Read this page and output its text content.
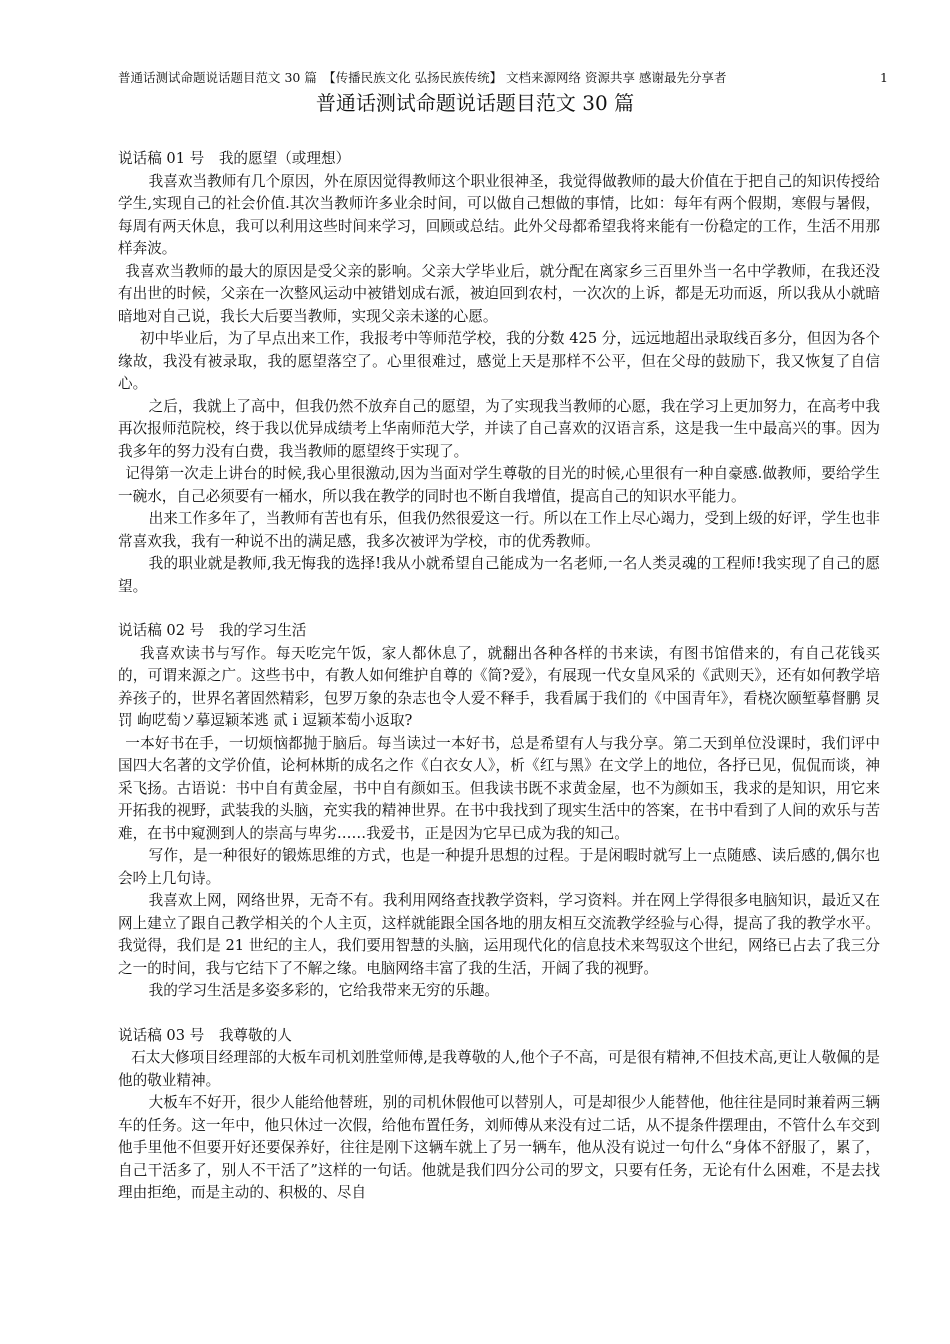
普通话测试命题说话题目范文 30 篇　【传播民族文化 弘扬民族传统】 文档来源网络 资源共享 感谢最先分享者	1
普通话测试命题说话题目范文 30 篇

说话稿 01 号　我的愿望（或理想）

我喜欢当教师有几个原因，外在原因觉得教师这个职业很神圣，我觉得做教师的最大价值在于把自己的知识传授给学生,实现自己的社会价值.其次当教师许多业余时间，可以做自己想做的事情，比如：每年有两个假期，寒假与暑假，每周有两天休息，我可以利用这些时间来学习，回顾或总结。此外父母都希望我将来能有一份稳定的工作，生活不用那样奔波。

我喜欢当教师的最大的原因是受父亲的影响。父亲大学毕业后，就分配在离家乡三百里外当一名中学教师，在我还没有出世的时候，父亲在一次整风运动中被错划成右派，被迫回到农村，一次次的上诉，都是无功而返，所以我从小就暗暗地对自己说，我长大后要当教师，实现父亲未遂的心愿。

初中毕业后，为了早点出来工作，我报考中等师范学校，我的分数 425 分，远远地超出录取线百多分，但因为各个缘故，我没有被录取，我的愿望落空了。心里很难过，感觉上天是那样不公平，但在父母的鼓励下，我又恢复了自信心。

之后，我就上了高中，但我仍然不放弃自己的愿望，为了实现我当教师的心愿，我在学习上更加努力，在高考中我再次报师范院校，终于我以优异成绩考上华南师范大学，并读了自己喜欢的汉语言系，这是我一生中最高兴的事。因为我多年的努力没有白费，我当教师的愿望终于实现了。

记得第一次走上讲台的时候,我心里很激动,因为当面对学生尊敬的目光的时候,心里很有一种自豪感.做教师，要给学生一碗水，自己必须要有一桶水，所以我在教学的同时也不断自我增值，提高自己的知识水平能力。

出来工作多年了，当教师有苦也有乐，但我仍然很爱这一行。所以在工作上尽心竭力，受到上级的好评，学生也非常喜欢我，我有一种说不出的满足感，我多次被评为学校，市的优秀教师。

我的职业就是教师,我无悔我的选择!我从小就希望自己能成为一名老师,一名人类灵魂的工程师!我实现了自己的愿望。

说话稿 02 号　我的学习生活

我喜欢读书与写作。每天吃完午饭，家人都休息了，就翻出各种各样的书来读，有图书馆借来的，有自己花钱买的，可谓来源之广。这些书中，有教人如何维护自尊的《简?爱》，有展现一代女皇风采的《武则天》，还有如何教学培养孩子的，世界名著固然精彩，包罗万象的杂志也令人爱不释手，我看属于我们的《中国青年》，看桡次颐堑摹督鹏 炅 罚 岣呓萄ソ摹逗颖苯逃 贰ｉ逗颖苯萄小返取?

一本好书在手，一切烦恼都抛于脑后。每当读过一本好书，总是希望有人与我分享。第二天到单位没课时，我们评中国四大名著的文学价值，论柯林斯的成名之作《白衣女人》，析《红与黑》在文学上的地位，各抒已见，侃侃而谈，神采飞扬。古语说：书中自有黄金屋，书中自有颜如玉。但我读书既不求黄金屋，也不为颜如玉，我求的是知识，用它来开拓我的视野，武装我的头脑，充实我的精神世界。在书中我找到了现实生活中的答案，在书中看到了人间的欢乐与苦难，在书中窥测到人的崇高与卑劣……我爱书，正是因为它早已成为我的知己。

写作，是一种很好的锻炼思维的方式，也是一种提升思想的过程。于是闲暇时就写上一点随感、读后感的,偶尔也会吟上几句诗。

我喜欢上网，网络世界，无奇不有。我利用网络查找教学资料，学习资料。并在网上学得很多电脑知识，最近又在网上建立了跟自己教学相关的个人主页，这样就能跟全国各地的朋友相互交流教学经验与心得，提高了我的教学水平。我觉得，我们是 21 世纪的主人，我们要用智慧的头脑，运用现代化的信息技术来驾驭这个世纪，网络已占去了我三分之一的时间，我与它结下了不解之缘。电脑网络丰富了我的生活，开阔了我的视野。

我的学习生活是多姿多彩的，它给我带来无穷的乐趣。

说话稿 03 号　我尊敬的人

石太大修项目经理部的大板车司机刘胜堂师傅,是我尊敬的人,他个子不高，可是很有精神,不但技术高,更让人敬佩的是他的敬业精神。

大板车不好开，很少人能给他替班，别的司机休假他可以替别人，可是却很少人能替他，他往往是同时兼着两三辆车的任务。这一年中，他只休过一次假，给他布置任务，刘师傅从来没有过二话，从不提条件摆理由，不管什么车交到他手里他不但要开好还要保养好，往往是刚下这辆车就上了另一辆车，他从没有说过一句什么“身体不舒服了，累了，自己干活多了，别人不干活了”这样的一句话。他就是我们四分公司的罗文，只要有任务，无论有什么困难，不是去找理由拒绝，而是主动的、积极的、尽自
